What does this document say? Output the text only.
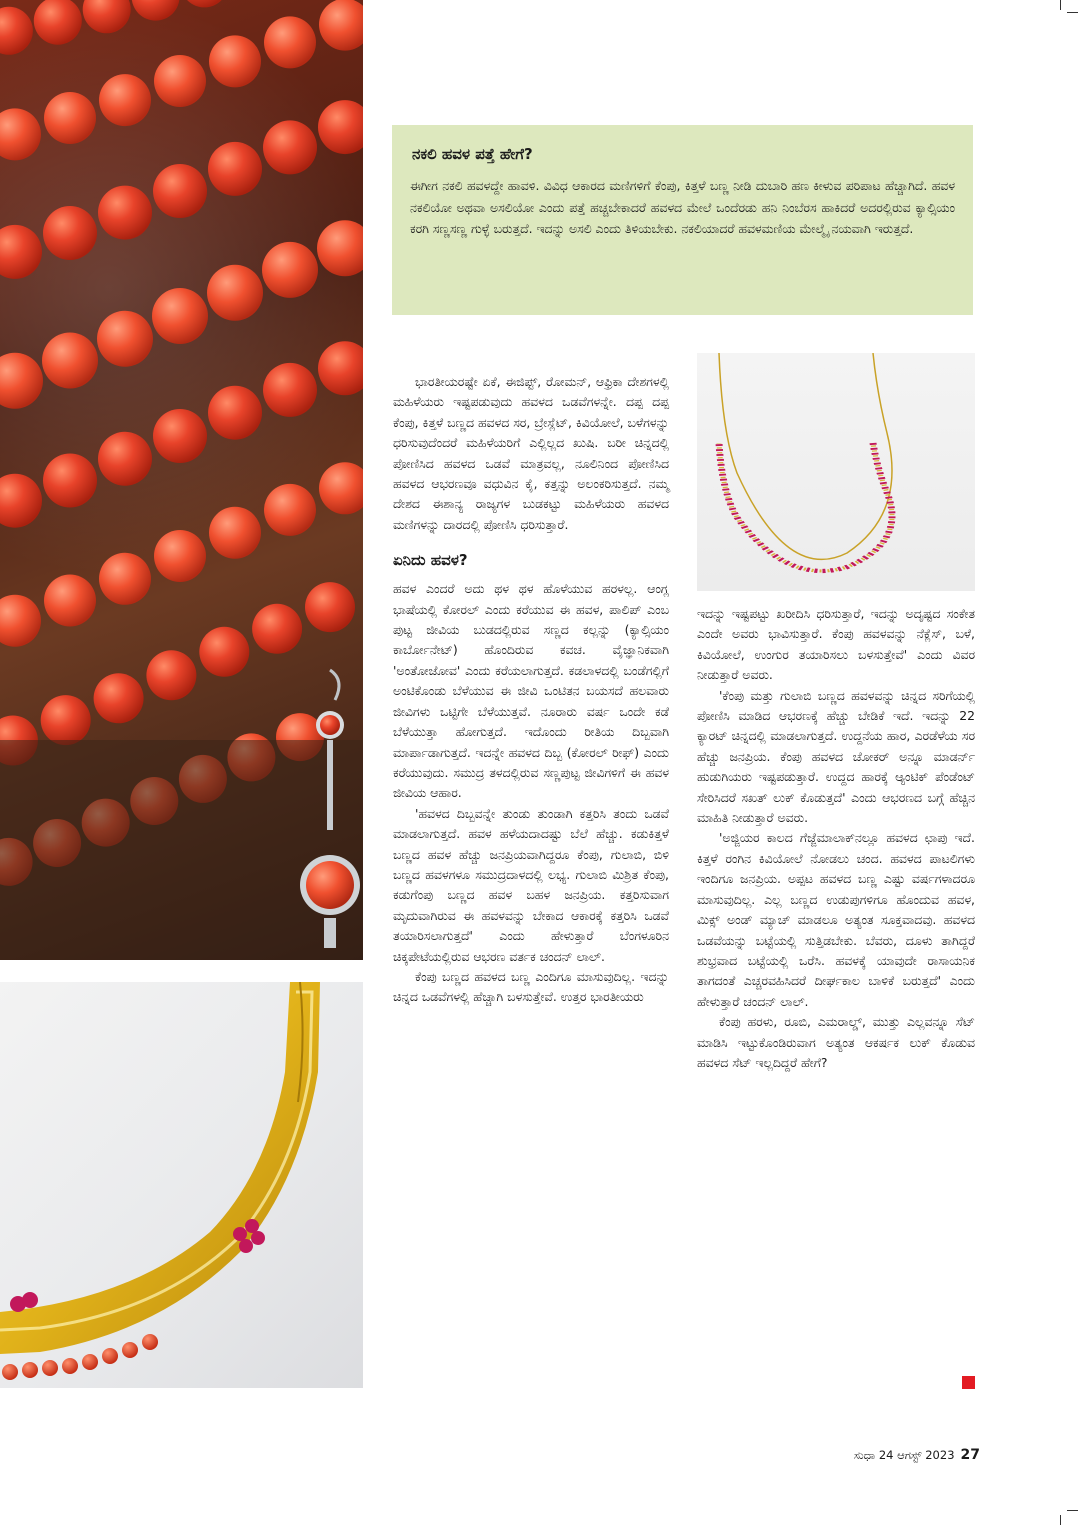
ನಕಲಿ ಹವಳ ಪತ್ತೆ ಹೇಗೆ?

ಈಗೀಗ ನಕಲಿ ಹವಳದ್ದೇ ಹಾವಳಿ. ವಿವಿಧ ಆಕಾರದ ಮಣಿಗಳಿಗೆ ಕೆಂಪು, ಕಿತ್ತಳೆ ಬಣ್ಣ ನೀಡಿ ದುಬಾರಿ ಹಣ ಕೀಳುವ ಪರಿಪಾಟ ಹೆಚ್ಚಾಗಿದೆ. ಹವಳ ನಕಲಿಯೋ ಅಥವಾ ಅಸಲಿಯೋ ಎಂದು ಪತ್ತೆ ಹಚ್ಚಬೇಕಾದರೆ ಹವಳದ ಮೇಲೆ ಒಂದೆರಡು ಹನಿ ನಿಂಬೆರಸ ಹಾಕಿದರೆ ಅದರಲ್ಲಿರುವ ಕ್ಯಾಲ್ಸಿಯಂ ಕರಗಿ ಸಣ್ಣಸಣ್ಣ ಗುಳ್ಳೆ ಬರುತ್ತದೆ. ಇದನ್ನು ಅಸಲಿ ಎಂದು ತಿಳಿಯಬೇಕು. ನಕಲಿಯಾದರೆ ಹವಳಮಣಿಯ ಮೇಲ್ಮೈ ನಯವಾಗಿ ಇರುತ್ತದೆ.

ಭಾರತೀಯರಷ್ಟೇ ಏಕೆ, ಈಜಿಪ್ಟ್, ರೋಮನ್, ಆಫ್ರಿಕಾ ದೇಶಗಳಲ್ಲಿ ಮಹಿಳೆಯರು ಇಷ್ಟಪಡುವುದು ಹವಳದ ಒಡವೆಗಳನ್ನೇ. ದಪ್ಪ ದಪ್ಪ ಕೆಂಪು, ಕಿತ್ತಳೆ ಬಣ್ಣದ ಹವಳದ ಸರ, ಬ್ರೇಸ್ಲೆಟ್, ಕಿವಿಯೋಲೆ, ಬಳೆಗಳನ್ನು ಧರಿಸುವುದೆಂದರೆ ಮಹಿಳೆಯರಿಗೆ ಎಲ್ಲಿಲ್ಲದ ಖುಷಿ. ಬರೀ ಚಿನ್ನದಲ್ಲಿ ಪೋಣಿಸಿದ ಹವಳದ ಒಡವೆ ಮಾತ್ರವಲ್ಲ, ನೂಲಿನಿಂದ ಪೋಣಿಸಿದ ಹವಳದ ಆಭರಣವೂ ವಧುವಿನ ಕೈ, ಕತ್ತನ್ನು ಅಲಂಕರಿಸುತ್ತದೆ. ನಮ್ಮ ದೇಶದ ಈಶಾನ್ಯ ರಾಜ್ಯಗಳ ಬುಡಕಟ್ಟು ಮಹಿಳೆಯರು ಹವಳದ ಮಣಿಗಳನ್ನು ದಾರದಲ್ಲಿ ಪೋಣಿಸಿ ಧರಿಸುತ್ತಾರೆ.

ಏನಿದು ಹವಳ?

ಹವಳ ಎಂದರೆ ಅದು ಥಳ ಥಳ ಹೊಳೆಯುವ ಹರಳಲ್ಲ. ಆಂಗ್ಲ ಭಾಷೆಯಲ್ಲಿ ಕೋರಲ್ ಎಂದು ಕರೆಯುವ ಈ ಹವಳ, ಪಾಲಿಪ್ ಎಂಬ ಪುಟ್ಟ ಜೀವಿಯ ಬುಡದಲ್ಲಿರುವ ಸಣ್ಣದ ಕಲ್ಲನ್ನು (ಕ್ಯಾಲ್ಸಿಯಂ ಕಾರ್ಬೋನೇಟ್) ಹೊಂದಿರುವ ಕವಚ. ವೈಜ್ಞಾನಿಕವಾಗಿ 'ಅಂತೋಜೋವ' ಎಂದು ಕರೆಯಲಾಗುತ್ತದೆ. ಕಡಲಾಳದಲ್ಲಿ ಬಂಡೆಗಲ್ಲಿಗೆ ಅಂಟಿಕೊಂಡು ಬೆಳೆಯುವ ಈ ಜೀವಿ ಒಂಟಿತನ ಬಯಸದೆ ಹಲವಾರು ಜೀವಿಗಳು ಒಟ್ಟಿಗೇ ಬೆಳೆಯುತ್ತವೆ. ನೂರಾರು ವರ್ಷ ಒಂದೇ ಕಡೆ ಬೆಳೆಯುತ್ತಾ ಹೋಗುತ್ತದೆ. ಇದೊಂದು ರೀತಿಯ ದಿಬ್ಬವಾಗಿ ಮಾರ್ಪಾಡಾಗುತ್ತದೆ. ಇದನ್ನೇ ಹವಳದ ದಿಬ್ಬ (ಕೋರಲ್ ರೀಫ್) ಎಂದು ಕರೆಯುವುದು. ಸಮುದ್ರ ತಳದಲ್ಲಿರುವ ಸಣ್ಣಪುಟ್ಟ ಜೀವಿಗಳಿಗೆ ಈ ಹವಳ ಜೀವಿಯ ಆಹಾರ.

'ಹವಳದ ದಿಬ್ಬವನ್ನೇ ತುಂಡು ತುಂಡಾಗಿ ಕತ್ತರಿಸಿ ತಂದು ಒಡವೆ ಮಾಡಲಾಗುತ್ತದೆ. ಹವಳ ಹಳೆಯದಾದಷ್ಟು ಬೆಲೆ ಹೆಚ್ಚು. ಕಡುಕಿತ್ತಳೆ ಬಣ್ಣದ ಹವಳ ಹೆಚ್ಚು ಜನಪ್ರಿಯವಾಗಿದ್ದರೂ ಕೆಂಪು, ಗುಲಾಬಿ, ಬಿಳಿ ಬಣ್ಣದ ಹವಳಗಳೂ ಸಮುದ್ರದಾಳದಲ್ಲಿ ಲಭ್ಯ. ಗುಲಾಬಿ ಮಿಶ್ರಿತ ಕೆಂಪು, ಕಡುಗೆಂಪು ಬಣ್ಣದ ಹವಳ ಬಹಳ ಜನಪ್ರಿಯ. ಕತ್ತರಿಸುವಾಗ ಮೃದುವಾಗಿರುವ ಈ ಹವಳವನ್ನು ಬೇಕಾದ ಆಕಾರಕ್ಕೆ ಕತ್ತರಿಸಿ ಒಡವೆ ತಯಾರಿಸಲಾಗುತ್ತದೆ' ಎಂದು ಹೇಳುತ್ತಾರೆ ಬೆಂಗಳೂರಿನ ಚಿಕ್ಕಪೇಟೆಯಲ್ಲಿರುವ ಆಭರಣ ವರ್ತಕ ಚಂದನ್ ಲಾಲ್.

ಕೆಂಪು ಬಣ್ಣದ ಹವಳದ ಬಣ್ಣ ಎಂದಿಗೂ ಮಾಸುವುದಿಲ್ಲ. ಇದನ್ನು ಚಿನ್ನದ ಒಡವೆಗಳಲ್ಲಿ ಹೆಚ್ಚಾಗಿ ಬಳಸುತ್ತೇವೆ. ಉತ್ತರ ಭಾರತೀಯರು

ಇದನ್ನು ಇಷ್ಟಪಟ್ಟು ಖರೀದಿಸಿ ಧರಿಸುತ್ತಾರೆ, ಇದನ್ನು ಅದೃಷ್ಟದ ಸಂಕೇತ ಎಂದೇ ಅವರು ಭಾವಿಸುತ್ತಾರೆ. ಕೆಂಪು ಹವಳವನ್ನು ನೆಕ್ಲೆಸ್, ಬಳೆ, ಕಿವಿಯೋಲೆ, ಉಂಗುರ ತಯಾರಿಸಲು ಬಳಸುತ್ತೇವೆ' ಎಂದು ವಿವರ ನೀಡುತ್ತಾರೆ ಅವರು.

'ಕೆಂಪು ಮತ್ತು ಗುಲಾಬಿ ಬಣ್ಣದ ಹವಳವನ್ನು ಚಿನ್ನದ ಸರಿಗೆಯಲ್ಲಿ ಪೋಣಿಸಿ ಮಾಡಿದ ಆಭರಣಕ್ಕೆ ಹೆಚ್ಚು ಬೇಡಿಕೆ ಇದೆ. ಇದನ್ನು 22 ಕ್ಯಾರಟ್ ಚಿನ್ನದಲ್ಲಿ ಮಾಡಲಾಗುತ್ತದೆ. ಉದ್ದನೆಯ ಹಾರ, ಎರಡೆಳೆಯ ಸರ ಹೆಚ್ಚು ಜನಪ್ರಿಯ. ಕೆಂಪು ಹವಳದ ಚೋಕರ್ ಅನ್ನೂ ಮಾಡರ್ನ್ ಹುಡುಗಿಯರು ಇಷ್ಟಪಡುತ್ತಾರೆ. ಉದ್ದದ ಹಾರಕ್ಕೆ ಆ್ಯಂಟಿಕ್ ಪೆಂಡೆಂಟ್ ಸೇರಿಸಿದರೆ ಸಖತ್ ಲುಕ್ ಕೊಡುತ್ತದೆ' ಎಂದು ಆಭರಣದ ಬಗ್ಗೆ ಹೆಚ್ಚಿನ ಮಾಹಿತಿ ನೀಡುತ್ತಾರೆ ಅವರು.

'ಅಜ್ಜಿಯರ ಕಾಲದ ಗೆಜ್ಜೆಮಾಲಾಕ್‌ನಲ್ಲೂ ಹವಳದ ಛಾಪು ಇದೆ. ಕಿತ್ತಳೆ ರಂಗಿನ ಕಿವಿಯೋಲೆ ನೋಡಲು ಚಂದ. ಹವಳದ ಪಾಟಲಿಗಳು ಇಂದಿಗೂ ಜನಪ್ರಿಯ. ಅಪ್ಪಟ ಹವಳದ ಬಣ್ಣ ಎಷ್ಟು ವರ್ಷಗಳಾದರೂ ಮಾಸುವುದಿಲ್ಲ. ಎಲ್ಲ ಬಣ್ಣದ ಉಡುಪುಗಳಿಗೂ ಹೊಂದುವ ಹವಳ, ಮಿಕ್ಸ್ ಅಂಡ್ ಮ್ಯಾಚ್ ಮಾಡಲೂ ಅತ್ಯಂತ ಸೂಕ್ತವಾದವು. ಹವಳದ ಒಡವೆಯನ್ನು ಬಟ್ಟೆಯಲ್ಲಿ ಸುತ್ತಿಡಬೇಕು. ಬೆವರು, ದೂಳು ತಾಗಿದ್ದರೆ ಶುಭ್ರವಾದ ಬಟ್ಟೆಯಲ್ಲಿ ಒರೆಸಿ. ಹವಳಕ್ಕೆ ಯಾವುದೇ ರಾಸಾಯನಿಕ ತಾಗದಂತೆ ಎಚ್ಚರವಹಿಸಿದರೆ ದೀರ್ಘಕಾಲ ಬಾಳಿಕೆ ಬರುತ್ತದೆ' ಎಂದು ಹೇಳುತ್ತಾರೆ ಚಂದನ್ ಲಾಲ್.

ಕೆಂಪು ಹರಳು, ರೂಬಿ, ಎಮರಾಲ್ಡ್, ಮುತ್ತು ಎಲ್ಲವನ್ನೂ ಸೆಟ್ ಮಾಡಿಸಿ ಇಟ್ಟುಕೊಂಡಿರುವಾಗ ಅತ್ಯಂತ ಆಕರ್ಷಕ ಲುಕ್ ಕೊಡುವ ಹವಳದ ಸೆಟ್ ಇಲ್ಲದಿದ್ದರೆ ಹೇಗೆ?

ಸುಧಾ 24 ಆಗಸ್ಟ್ 2023 27
